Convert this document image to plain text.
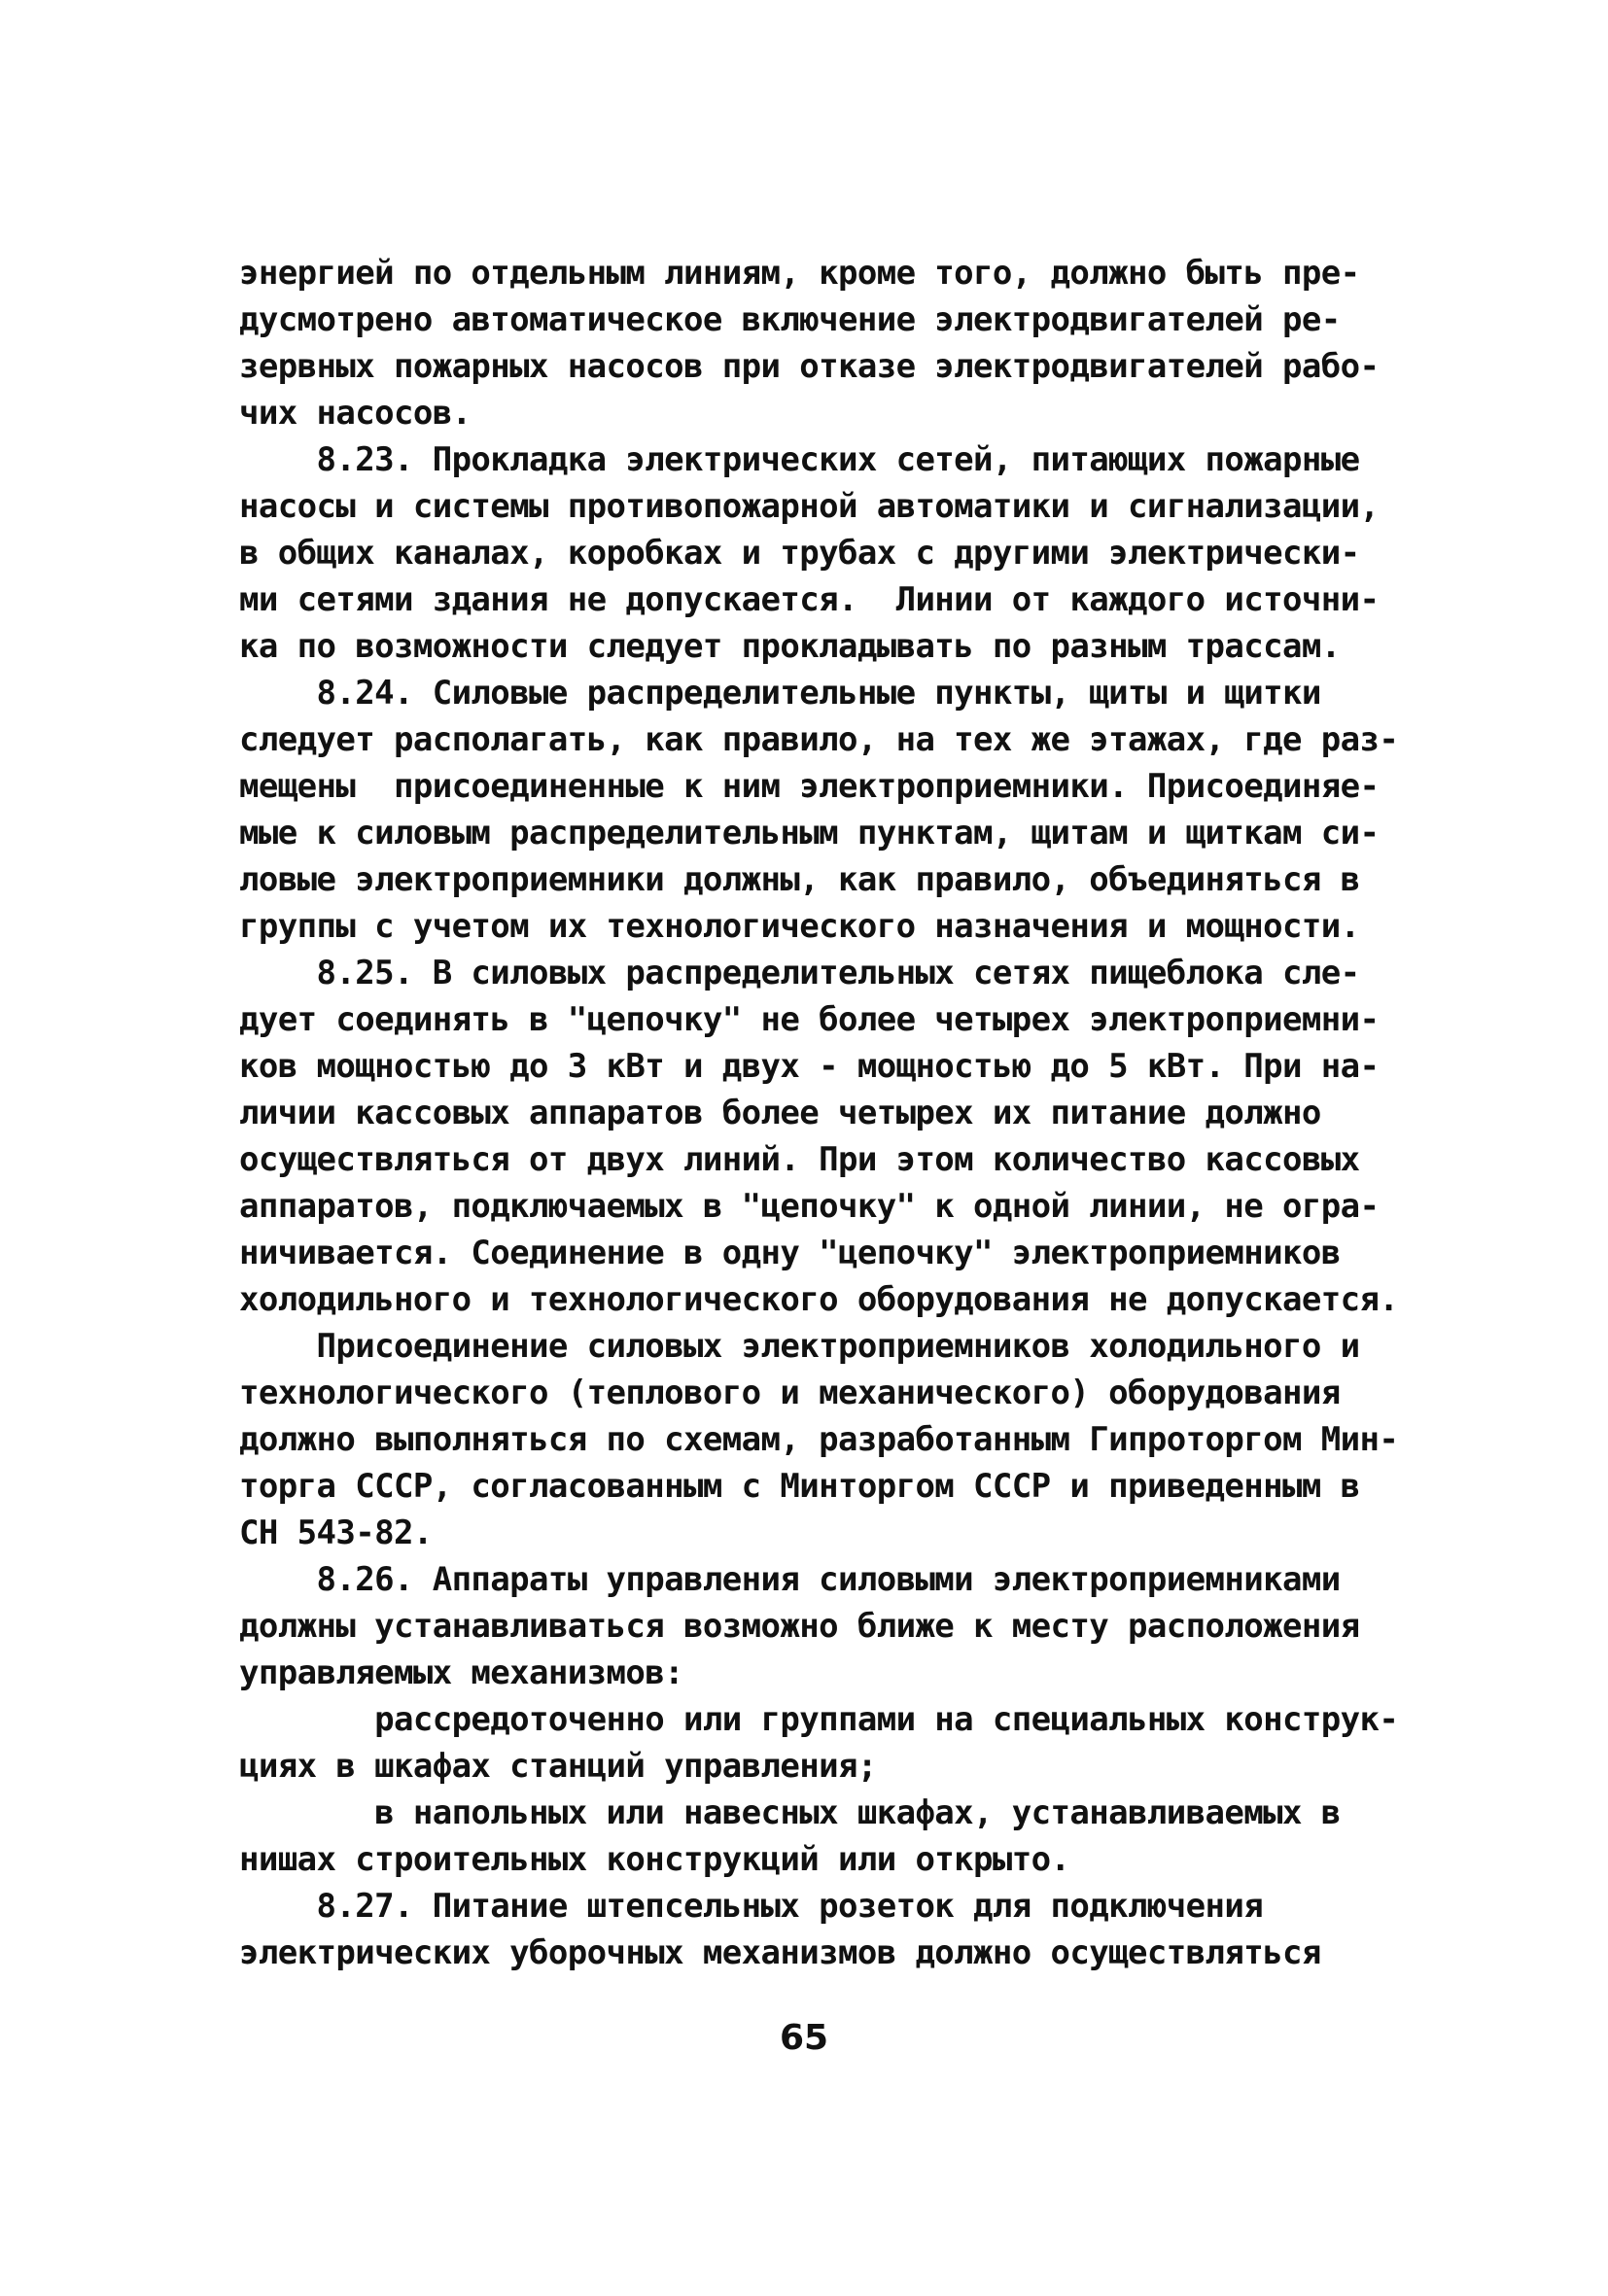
энергией по отдельным линиям, кроме того, должно быть пре-
дусмотрено автоматическое включение электродвигателей ре-
зервных пожарных насосов при отказе электродвигателей рабо-
чих насосов.
8.23. Прокладка электрических сетей, питающих пожарные
насосы и системы противопожарной автоматики и сигнализации,
в общих каналах, коробках и трубах с другими электрически-
ми сетями здания не допускается.  Линии от каждого источни-
ка по возможности следует прокладывать по разным трассам.
8.24. Силовые распределительные пункты, щиты и щитки
следует располагать, как правило, на тех же этажах, где раз-
мещены  присоединенные к ним электроприемники. Присоединяе-
мые к силовым распределительным пунктам, щитам и щиткам си-
ловые электроприемники должны, как правило, объединяться в
группы с учетом их технологического назначения и мощности.
8.25. В силовых распределительных сетях пищеблока сле-
дует соединять в "цепочку" не более четырех электроприемни-
ков мощностью до 3 кВт и двух - мощностью до 5 кВт. При на-
личии кассовых аппаратов более четырех их питание должно
осуществляться от двух линий. При этом количество кассовых
аппаратов, подключаемых в "цепочку" к одной линии, не огра-
ничивается. Соединение в одну "цепочку" электроприемников
холодильного и технологического оборудования не допускается.
Присоединение силовых электроприемников холодильного и
технологического (теплового и механического) оборудования
должно выполняться по схемам, разработанным Гипроторгом Мин-
торга СССР, согласованным с Минторгом СССР и приведенным в
СН 543-82.
8.26. Аппараты управления силовыми электроприемниками
должны устанавливаться возможно ближе к месту расположения
управляемых механизмов:
рассредоточенно или группами на специальных конструк-
циях в шкафах станций управления;
в напольных или навесных шкафах, устанавливаемых в
нишах строительных конструкций или открыто.
8.27. Питание штепсельных розеток для подключения
электрических уборочных механизмов должно осуществляться
65
